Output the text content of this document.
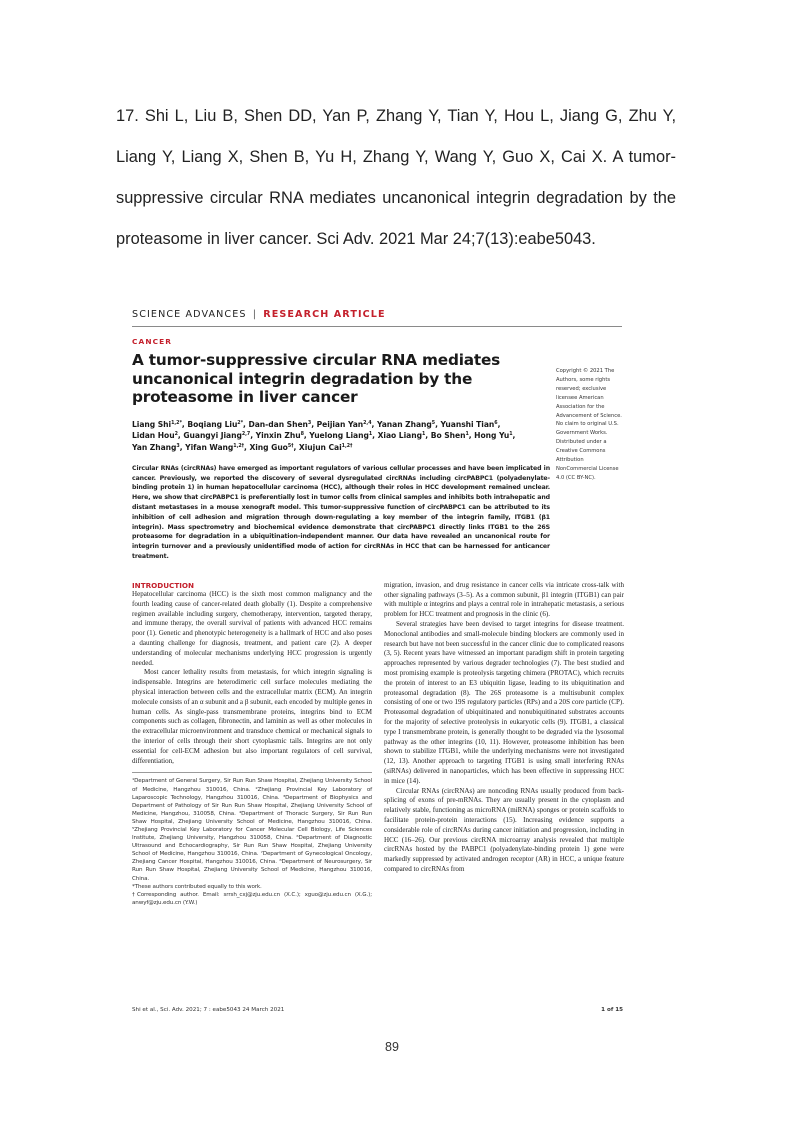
17. Shi L, Liu B, Shen DD, Yan P, Zhang Y, Tian Y, Hou L, Jiang G, Zhu Y, Liang Y, Liang X, Shen B, Yu H, Zhang Y, Wang Y, Guo X, Cai X. A tumor-suppressive circular RNA mediates uncanonical integrin degradation by the proteasome in liver cancer. Sci Adv. 2021 Mar 24;7(13):eabe5043.

SCIENCE ADVANCES | RESEARCH ARTICLE
CANCER
A tumor-suppressive circular RNA mediates uncanonical integrin degradation by the proteasome in liver cancer
Copyright © 2021 The Authors, some rights reserved; exclusive licensee American Association for the Advancement of Science. No claim to original U.S. Government Works. Distributed under a Creative Commons Attribution NonCommercial License 4.0 (CC BY-NC).
Liang Shi$^{1,2*}$, Boqiang Liu$^{2*}$, Dan-dan Shen$^3$, Peijian Yan$^{2,4}$, Yanan Zhang$^5$, Yuanshi Tian$^6$,
Lidan Hou$^2$, Guangyi Jiang$^{2,7}$, Yinxin Zhu$^8$, Yuelong Liang$^1$, Xiao Liang$^1$, Bo Shen$^1$, Hong Yu$^1$,
Yan Zhang$^3$, Yifan Wang$^{1,2\dagger}$, Xing Guo$^{5\dagger}$, Xiujun Cai$^{1,2\dagger}$
Circular RNAs (circRNAs) have emerged as important regulators of various cellular processes and have been implicated in cancer. Previously, we reported the discovery of several dysregulated circRNAs including circPABPC1 (polyadenylate-binding protein 1) in human hepatocellular carcinoma (HCC), although their roles in HCC development remained unclear. Here, we show that circPABPC1 is preferentially lost in tumor cells from clinical samples and inhibits both intrahepatic and distant metastases in a mouse xenograft model. This tumor-suppressive function of circPABPC1 can be attributed to its inhibition of cell adhesion and migration through down-regulating a key member of the integrin family, ITGB1 (β1 integrin). Mass spectrometry and biochemical evidence demonstrate that circPABPC1 directly links ITGB1 to the 26S proteasome for degradation in a ubiquitination-independent manner. Our data have revealed an uncanonical route for integrin turnover and a previously unidentified mode of action for circRNAs in HCC that can be harnessed for anticancer treatment.
INTRODUCTION

Hepatocellular carcinoma (HCC) is the sixth most common malignancy and the fourth leading cause of cancer-related death globally (1). Despite a comprehensive regimen available including surgery, chemotherapy, intervention, targeted therapy, and immune therapy, the overall survival of patients with advanced HCC remains poor (1). Genetic and phenotypic heterogeneity is a hallmark of HCC and also poses a daunting challenge for diagnosis, treatment, and patient care (2). A deeper understanding of molecular mechanisms underlying HCC progression is urgently needed.

Most cancer lethality results from metastasis, for which integrin signaling is indispensable. Integrins are heterodimeric cell surface molecules mediating the physical interaction between cells and the extracellular matrix (ECM). An integrin molecule consists of an α subunit and a β subunit, each encoded by multiple genes in human cells. As single-pass transmembrane proteins, integrins bind to ECM components such as collagen, fibronectin, and laminin as well as other molecules in the extracellular microenvironment and transduce chemical or mechanical signals to the interior of cells through their short cytoplasmic tails. Integrins are not only essential for cell-ECM adhesion but also important regulators of cell survival, differentiation,

¹Department of General Surgery, Sir Run Run Shaw Hospital, Zhejiang University School of Medicine, Hangzhou 310016, China. ²Zhejiang Provincial Key Laboratory of Laparoscopic Technology, Hangzhou 310016, China. ³Department of Biophysics and Department of Pathology of Sir Run Run Shaw Hospital, Zhejiang University School of Medicine, Hangzhou, 310058, China. ⁴Department of Thoracic Surgery, Sir Run Run Shaw Hospital, Zhejiang University School of Medicine, Hangzhou 310016, China. ⁵Zhejiang Provincial Key Laboratory for Cancer Molecular Cell Biology, Life Sciences Institute, Zhejiang University, Hangzhou 310058, China. ⁶Department of Diagnostic Ultrasound and Echocardiography, Sir Run Run Shaw Hospital, Zhejiang University School of Medicine, Hangzhou 310016, China. ⁷Department of Gynecological Oncology, Zhejiang Cancer Hospital, Hangzhou 310016, China. ⁸Department of Neurosurgery, Sir Run Run Shaw Hospital, Zhejiang University School of Medicine, Hangzhou 310016, China.
*These authors contributed equally to this work.
†Corresponding author. Email: srrsh_cxj@zju.edu.cn (X.C.); xguo@zju.edu.cn (X.G.); anwyf@zju.edu.cn (Y.W.)

migration, invasion, and drug resistance in cancer cells via intricate cross-talk with other signaling pathways (3–5). As a common subunit, β1 integrin (ITGB1) can pair with multiple α integrins and plays a central role in intrahepatic metastasis, a serious problem for HCC treatment and prognosis in the clinic (6).

Several strategies have been devised to target integrins for disease treatment. Monoclonal antibodies and small-molecule binding blockers are commonly used in research but have not been successful in the cancer clinic due to complicated reasons (3, 5). Recent years have witnessed an important paradigm shift in protein targeting approaches represented by various degrader technologies (7). The best studied and most promising example is proteolysis targeting chimera (PROTAC), which recruits the protein of interest to an E3 ubiquitin ligase, leading to its ubiquitination and proteasomal degradation (8). The 26S proteasome is a multisubunit complex consisting of one or two 19S regulatory particles (RPs) and a 20S core particle (CP). Proteasomal degradation of ubiquitinated and nonubiquitinated substrates accounts for the majority of selective proteolysis in eukaryotic cells (9). ITGB1, a classical type I transmembrane protein, is generally thought to be degraded via the lysosomal pathway as the other integrins (10, 11). However, proteasome inhibition has been shown to stabilize ITGB1, while the underlying mechanisms were not investigated (12, 13). Another approach to targeting ITGB1 is using small interfering RNAs (siRNAs) delivered in nanoparticles, which has been effective in suppressing HCC in mice (14).

Circular RNAs (circRNAs) are noncoding RNAs usually produced from back-splicing of exons of pre-mRNAs. They are usually present in the cytoplasm and relatively stable, functioning as microRNA (miRNA) sponges or protein scaffolds to facilitate protein-protein interactions (15). Increasing evidence supports a considerable role of circRNAs during cancer initiation and progression, including in HCC (16–26). Our previous circRNA microarray analysis revealed that multiple circRNAs hosted by the PABPC1 (polyadenylate-binding protein 1) gene were markedly suppressed by activated androgen receptor (AR) in HCC, a unique feature compared to circRNAs from

Shi et al., Sci. Adv. 2021; 7 : eabe5043 24 March 2021	1 of 15
89
